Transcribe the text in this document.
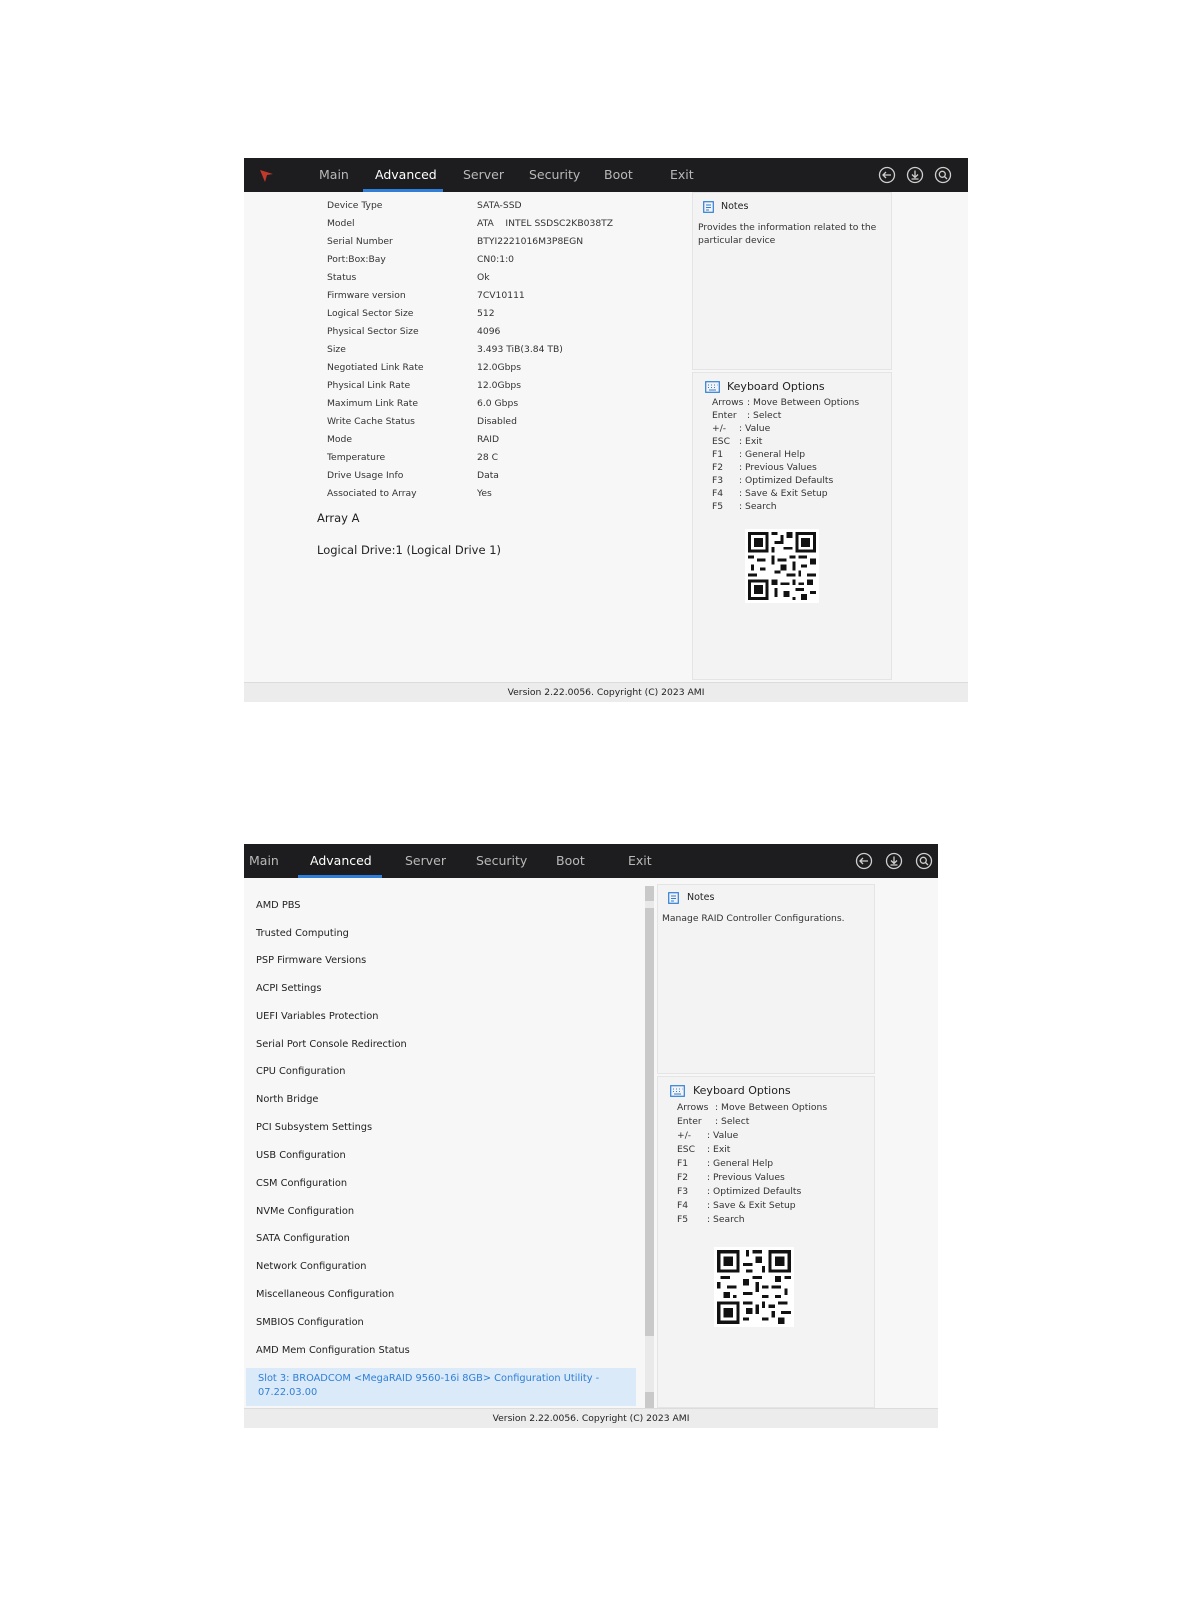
Main Advanced Server Security Boot	Exit
Device Type	SATA-SSD
Model	ATA    INTEL SSDSC2KB038TZ
Serial Number	BTYI2221016M3P8EGN
Port:Box:Bay	CN0:1:0
Status	Ok
Firmware version	7CV10111
Logical Sector Size	512
Physical Sector Size	4096
Size	3.493 TiB(3.84 TB)
Negotiated Link Rate	12.0Gbps
Physical Link Rate	12.0Gbps
Maximum Link Rate	6.0 Gbps
Write Cache Status	Disabled
Mode	RAID
Temperature	28 C
Drive Usage Info	Data
Associated to Array	Yes
Array A
Logical Drive:1 (Logical Drive 1)
Notes
Provides the information related to the particular device
Keyboard Options
Arrows : Move Between Options
Enter : Select
+/- : Value
ESC : Exit
F1 : General Help
F2 : Previous Values
F3 : Optimized Defaults
F4 : Save & Exit Setup
F5 : Search
Version 2.22.0056. Copyright (C) 2023 AMI
Main Advanced	Server Security Boot	Exit
AMD PBS
Trusted Computing
PSP Firmware Versions
ACPI Settings
UEFI Variables Protection
Serial Port Console Redirection
CPU Configuration
North Bridge
PCI Subsystem Settings
USB Configuration
CSM Configuration
NVMe Configuration
SATA Configuration
Network Configuration
Miscellaneous Configuration
SMBIOS Configuration
AMD Mem Configuration Status
Slot 3: BROADCOM <MegaRAID 9560-16i 8GB> Configuration Utility - 07.22.03.00
Notes
Manage RAID Controller Configurations.
Keyboard Options
Arrows : Move Between Options
Enter : Select
+/- : Value
ESC : Exit
F1 : General Help
F2 : Previous Values
F3 : Optimized Defaults
F4 : Save & Exit Setup
F5 : Search
Version 2.22.0056. Copyright (C) 2023 AMI
